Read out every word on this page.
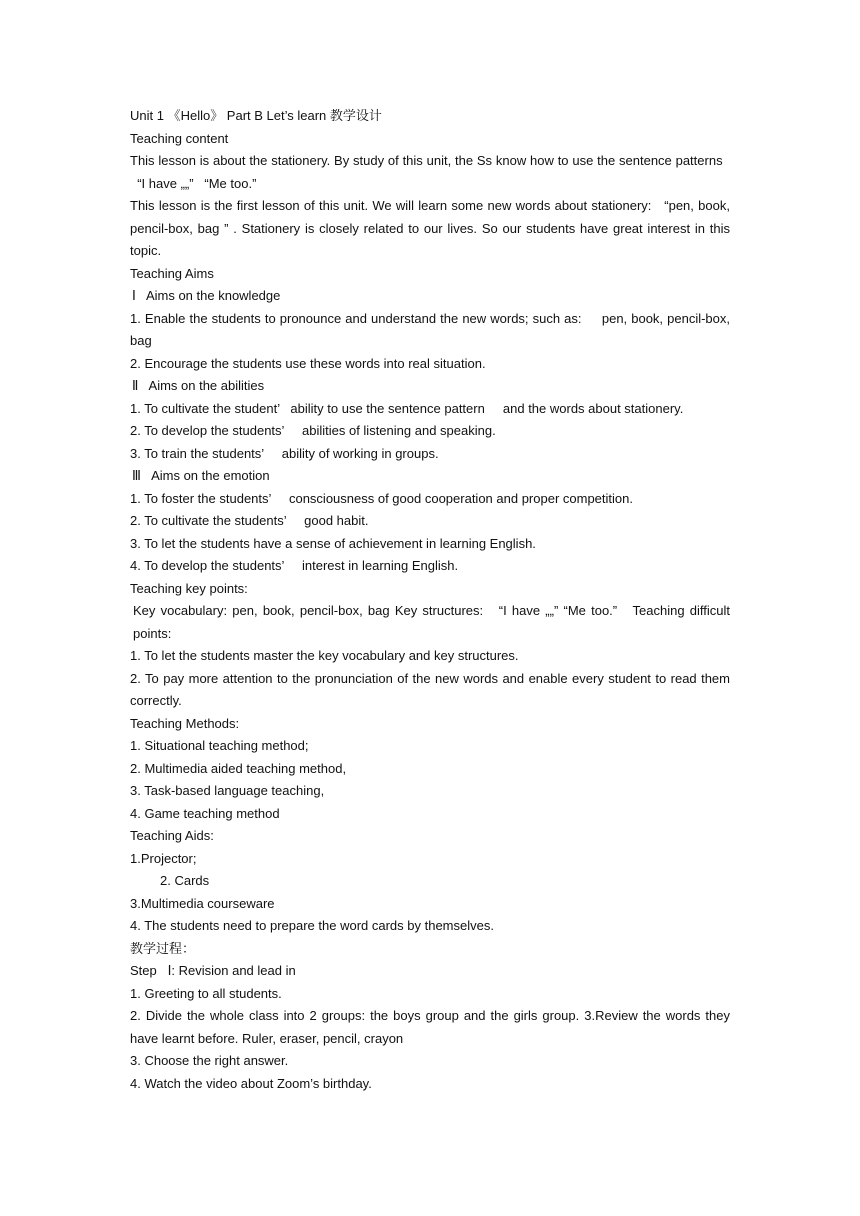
Unit 1 《Hello》 Part B Let’s learn 教学设计
Teaching content
This lesson is about the stationery. By study of this unit, the Ss know how to use the sentence patterns     “I have „„”   “Me too.”
This lesson is the first lesson of this unit. We will learn some new words about stationery:   “pen, book, pencil-box, bag ” . Stationery is closely related to our lives. So our students have great interest in this topic.
Teaching Aims
Ⅰ   Aims on the knowledge
1. Enable the students to pronounce and understand the new words; such as:     pen, book, pencil-box, bag
2. Encourage the students use these words into real situation.
Ⅱ   Aims on the abilities
1. To cultivate the student’   ability to use the sentence pattern     and the words about stationery.
2. To develop the students’     abilities of listening and speaking.
3. To train the students’     ability of working in groups.
Ⅲ   Aims on the emotion
1. To foster the students’     consciousness of good cooperation and proper competition.
2. To cultivate the students’     good habit.
3. To let the students have a sense of achievement in learning English.
4. To develop the students’     interest in learning English.
Teaching key points:
Key vocabulary: pen, book, pencil-box, bag Key structures:   “I have „„” “Me too.”   Teaching difficult points:
1. To let the students master the key vocabulary and key structures.
2. To pay more attention to the pronunciation of the new words and enable every student to read them correctly.
Teaching Methods:
1. Situational teaching method;
2. Multimedia aided teaching method,
3. Task-based language teaching,
4. Game teaching method
Teaching Aids:
1.Projector;
2. Cards
3.Multimedia courseware
4. The students need to prepare the word cards by themselves.
教学过程：
Step   Ⅰ: Revision and lead in
1. Greeting to all students.
2. Divide the whole class into 2 groups: the boys group and the girls group. 3.Review the words they have learnt before. Ruler, eraser, pencil, crayon
3. Choose the right answer.
4. Watch the video about Zoom’s birthday.
